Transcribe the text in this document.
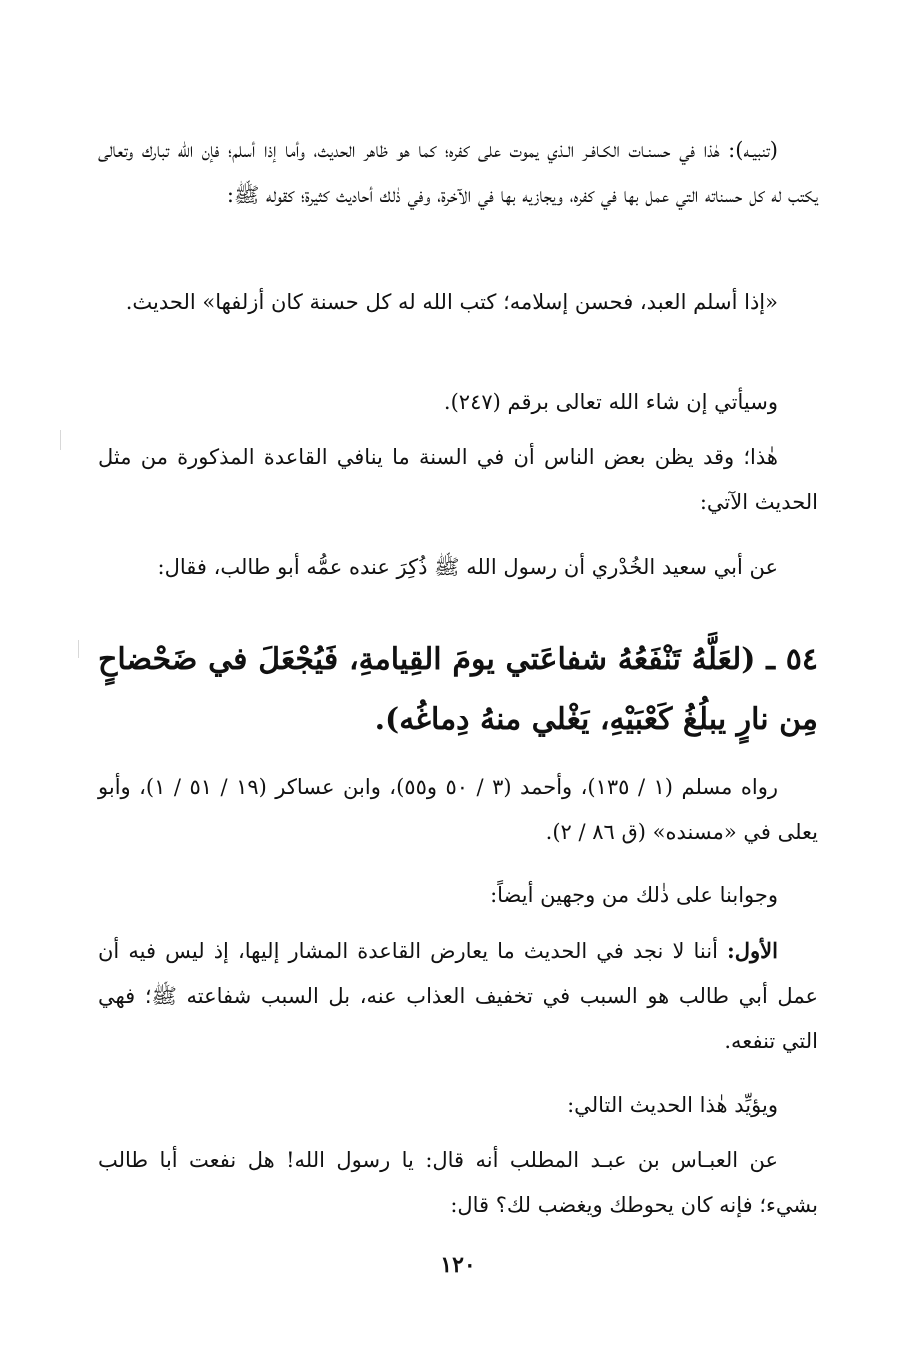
(تنبيـه): هٰذا في حسنـات الكـافـر الـذي يموت على كفره؛ كما هو ظاهر الحديث، وأما إذا أسلم؛ فإن الله تبارك وتعالى يكتب له كل حسناته التي عمل بها في كفره، ويجازيه بها في الآخرة، وفي ذٰلك أحاديث كثيرة؛ كقوله ﷺ:

«إذا أسلم العبد، فحسن إسلامه؛ كتب الله له كل حسنة كان أزلفها» الحديث.

وسيأتي إن شاء الله تعالى برقم (٢٤٧).

هٰذا؛ وقد يظن بعض الناس أن في السنة ما ينافي القاعدة المذكورة من مثل الحديث الآتي:

عن أبي سعيد الخُدْري أن رسول الله ﷺ ذُكِرَ عنده عمُّه أبو طالب، فقال:

٥٤ ـ (لعَلَّهُ تَنْفَعُهُ شفاعَتي يومَ القِيامةِ، فَيُجْعَلَ في ضَحْضاحٍ مِن نارٍ يبلُغُ كَعْبَيْهِ، يَغْلي منهُ دِماغُه).

رواه مسلم (١ / ١٣٥)، وأحمد (٣ / ٥٠ و٥٥)، وابن عساكر (١٩ / ٥١ / ١)، وأبو يعلى في «مسنده» (ق ٨٦ / ٢).

وجوابنا على ذٰلك من وجهين أيضاً:

الأول: أننا لا نجد في الحديث ما يعارض القاعدة المشار إليها، إذ ليس فيه أن عمل أبي طالب هو السبب في تخفيف العذاب عنه، بل السبب شفاعته ﷺ؛ فهي التي تنفعه.

ويؤيِّد هٰذا الحديث التالي:

عن العبـاس بن عبـد المطلب أنه قال: يا رسول الله! هل نفعت أبا طالب بشيء؛ فإنه كان يحوطك ويغضب لك؟ قال:

١٢٠
